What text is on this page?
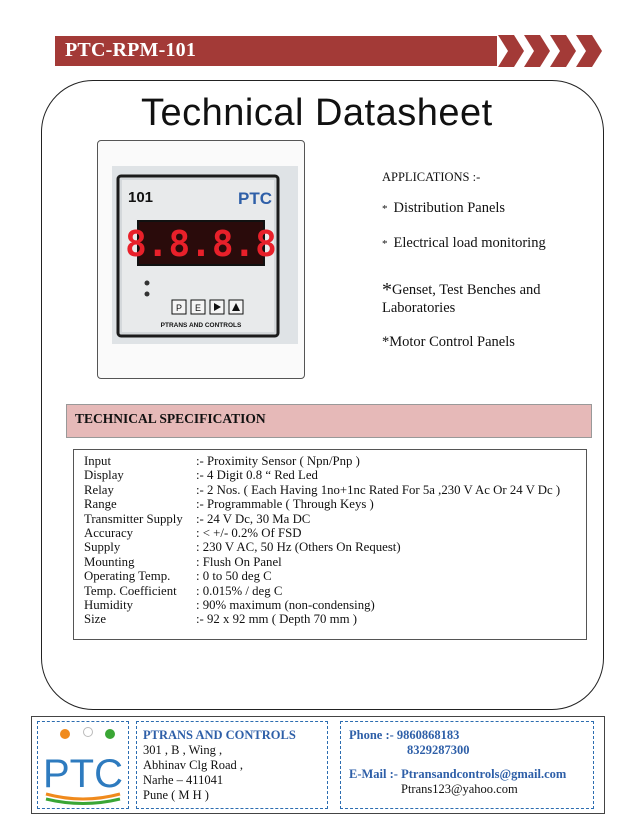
PTC-RPM-101
Technical Datasheet
101	PTC
8.8.8.8
P E
PTRANS AND CONTROLS
APPLICATIONS :-
* Distribution Panels
* Electrical load monitoring
*Genset, Test Benches and Laboratories
*Motor Control Panels
TECHNICAL SPECIFICATION
Input	:- Proximity Sensor ( Npn/Pnp )
Display	:- 4 Digit 0.8 “ Red Led
Relay	:- 2 Nos. ( Each Having 1no+1nc Rated For 5a ,230 V Ac Or 24 V Dc )
Range	:- Programmable ( Through Keys )
Transmitter Supply	:- 24 V Dc, 30 Ma DC
Accuracy	: < +/- 0.2% Of FSD
Supply	: 230 V AC, 50 Hz (Others On Request)
Mounting	: Flush On Panel
Operating Temp.	: 0 to 50 deg C
Temp. Coefficient	: 0.015% / deg C
Humidity	: 90% maximum (non-condensing)
Size	:- 92 x 92 mm ( Depth 70 mm )
PTC
PTRANS AND CONTROLS
301 , B , Wing ,
Abhinav Clg Road ,
Narhe – 411041
Pune ( M H )
Phone :- 9860868183
8329287300
E-Mail :- Ptransandcontrols@gmail.com
Ptrans123@yahoo.com
